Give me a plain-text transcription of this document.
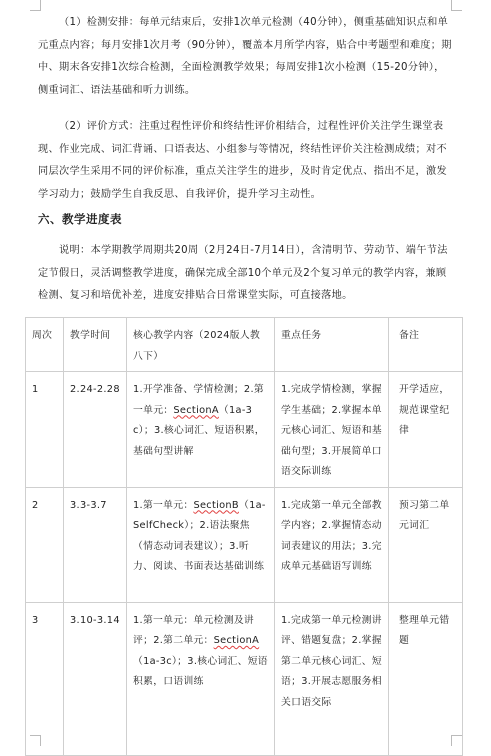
（1）检测安排：每单元结束后，安排1次单元检测（40分钟），侧重基础知识点和单元重点内容；每月安排1次月考（90分钟），覆盖本月所学内容，贴合中考题型和难度；期中、期末各安排1次综合检测，全面检测教学效果；每周安排1次小检测（15-20分钟），侧重词汇、语法基础和听力训练。

（2）评价方式：注重过程性评价和终结性评价相结合，过程性评价关注学生课堂表现、作业完成、词汇背诵、口语表达、小组参与等情况，终结性评价关注检测成绩；对不同层次学生采用不同的评价标准，重点关注学生的进步，及时肯定优点、指出不足，激发学习动力；鼓励学生自我反思、自我评价，提升学习主动性。

六、教学进度表

说明：本学期教学周期共20周（2月24日-7月14日），含清明节、劳动节、端午节法定节假日，灵活调整教学进度，确保完成全部10个单元及2个复习单元的教学内容，兼顾检测、复习和培优补差，进度安排贴合日常课堂实际，可直接落地。

周次	教学时间	核心教学内容（2024版人教八下）	重点任务	备注
1	2.24-2.28	1.开学准备、学情检测；2.第一单元：SectionA（1a-3c）；3.核心词汇、短语积累，基础句型讲解	1.完成学情检测，掌握学生基础；2.掌握本单元核心词汇、短语和基础句型；3.开展简单口语交际训练	开学适应，规范课堂纪律
2	3.3-3.7	1.第一单元：SectionB（1a-SelfCheck）；2.语法聚焦（情态动词表建议）；3.听力、阅读、书面表达基础训练	1.完成第一单元全部教学内容；2.掌握情态动词表建议的用法；3.完成单元基础语写训练	预习第二单元词汇
3	3.10-3.14	1.第一单元：单元检测及讲评；2.第二单元：SectionA（1a-3c）；3.核心词汇、短语积累，口语训练	1.完成第一单元检测讲评、错题复盘；2.掌握第二单元核心词汇、短语；3.开展志愿服务相关口语交际	整理单元错题
